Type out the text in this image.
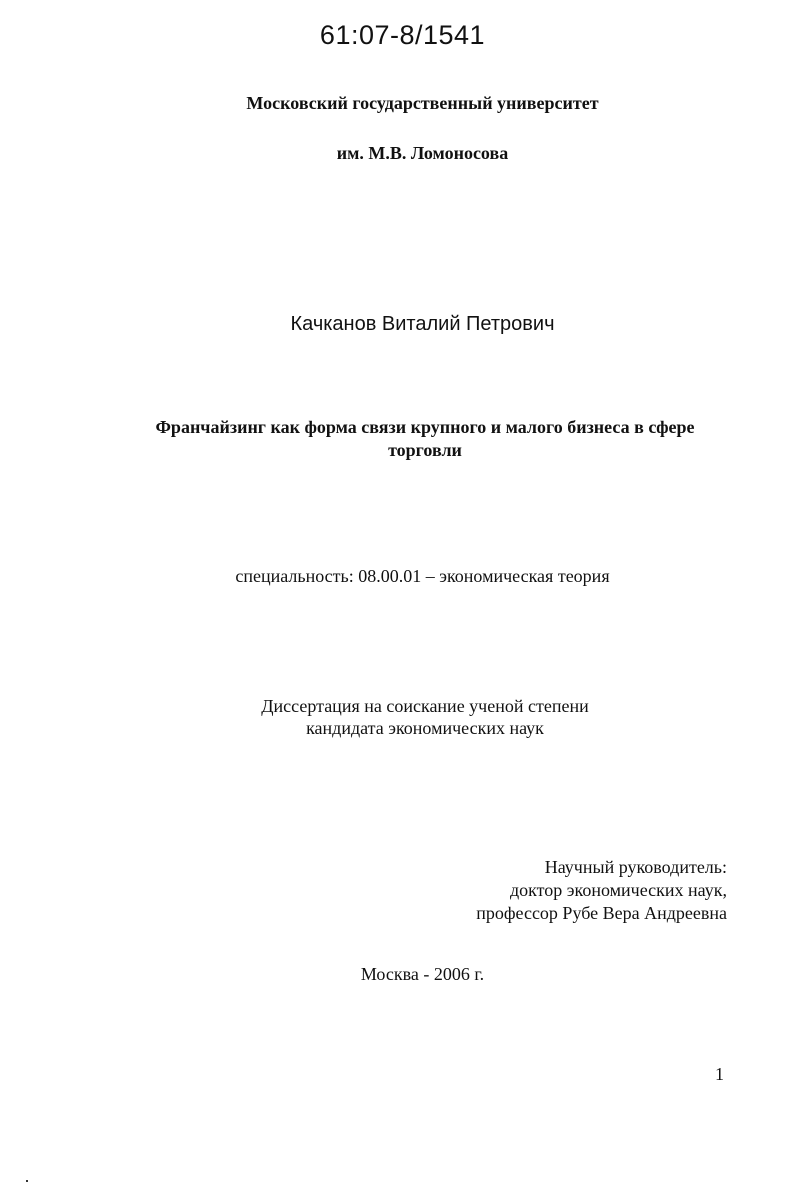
61:07-8/1541
Московский государственный университет
им. М.В. Ломоносова
Качканов Виталий Петрович
Франчайзинг как форма связи крупного и малого бизнеса в сфере
торговли
специальность: 08.00.01 – экономическая теория
Диссертация на соискание ученой степени
кандидата экономических наук
Научный руководитель:
доктор экономических наук,
профессор Рубе Вера Андреевна
Москва - 2006 г.
1
